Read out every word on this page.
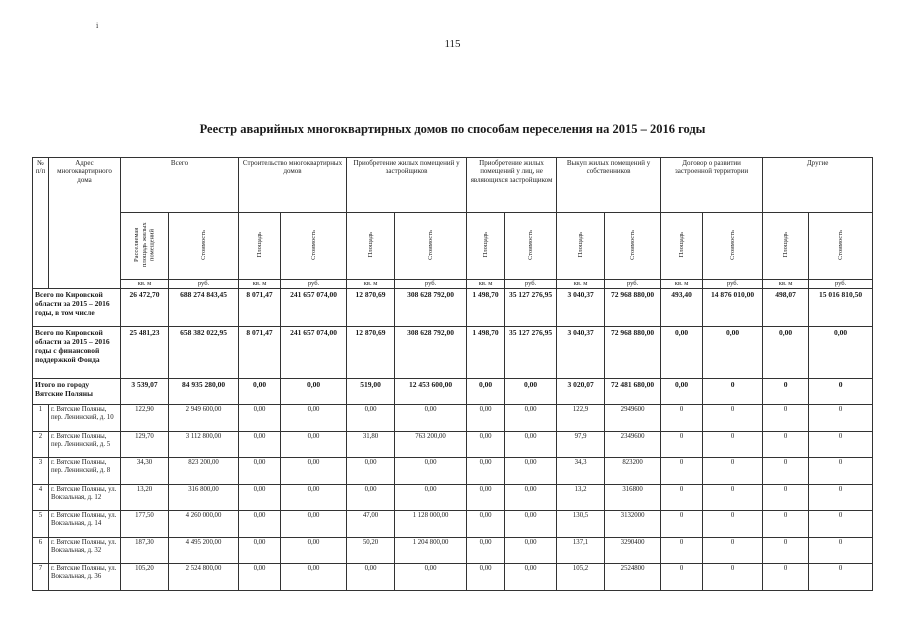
115
Реестр аварийных многоквартирных домов по способам переселения на 2015 – 2016 годы
№ п/п	Адрес многоквартирного дома	Всего		Строительство многоквартирных домов		Приобретение жилых помещений у застройщиков		Приобретение жилых помещений у лиц, не являющихся застройщиком		Выкуп жилых помещений у собственников		Договор о развитии застроенной территории		Другие	
		Расселяемая площадь жилых помещений	Стоимость	Площадь	Стоимость	Площадь	Стоимость	Площадь	Стоимость	Площадь	Стоимость	Площадь	Стоимость	Площадь	Стоимость
		кв. м	руб.	кв. м	руб.	кв. м	руб.	кв. м	руб.	кв. м	руб.	кв. м	руб.	кв. м	руб.
Всего по Кировской области за 2015 – 2016 годы, в том числе		26 472,70	688 274 843,45	8 071,47	241 657 074,00	12 870,69	308 628 792,00	1 498,70	35 127 276,95	3 040,37	72 968 880,00	493,40	14 876 010,00	498,07	15 016 810,50
Всего по Кировской области за 2015 – 2016 годы с финансовой поддержкой Фонда		25 481,23	658 382 022,95	8 071,47	241 657 074,00	12 870,69	308 628 792,00	1 498,70	35 127 276,95	3 040,37	72 968 880,00	0,00	0,00	0,00	0,00
Итого по городу Вятские Поляны		3 539,07	84 935 280,00	0,00	0,00	519,00	12 453 600,00	0,00	0,00	3 020,07	72 481 680,00	0,00	0	0	0
1	г. Вятские Поляны, пер. Ленинский, д. 10	122,90	2 949 600,00	0,00	0,00	0,00	0,00	0,00	0,00	122,9	2949600	0	0	0	0
2	г. Вятские Поляны, пер. Ленинский, д. 5	129,70	3 112 800,00	0,00	0,00	31,80	763 200,00	0,00	0,00	97,9	2349600	0	0	0	0
3	г. Вятские Поляны, пер. Ленинский, д. 8	34,30	823 200,00	0,00	0,00	0,00	0,00	0,00	0,00	34,3	823200	0	0	0	0
4	г. Вятские Поляны, ул. Вокзальная, д. 12	13,20	316 800,00	0,00	0,00	0,00	0,00	0,00	0,00	13,2	316800	0	0	0	0
5	г. Вятские Поляны, ул. Вокзальная, д. 14	177,50	4 260 000,00	0,00	0,00	47,00	1 128 000,00	0,00	0,00	130,5	3132000	0	0	0	0
6	г. Вятские Поляны, ул. Вокзальная, д. 32	187,30	4 495 200,00	0,00	0,00	50,20	1 204 800,00	0,00	0,00	137,1	3290400	0	0	0	0
7	г. Вятские Поляны, ул. Вокзальная, д. 36	105,20	2 524 800,00	0,00	0,00	0,00	0,00	0,00	0,00	105,2	2524800	0	0	0	0
ⅰ
